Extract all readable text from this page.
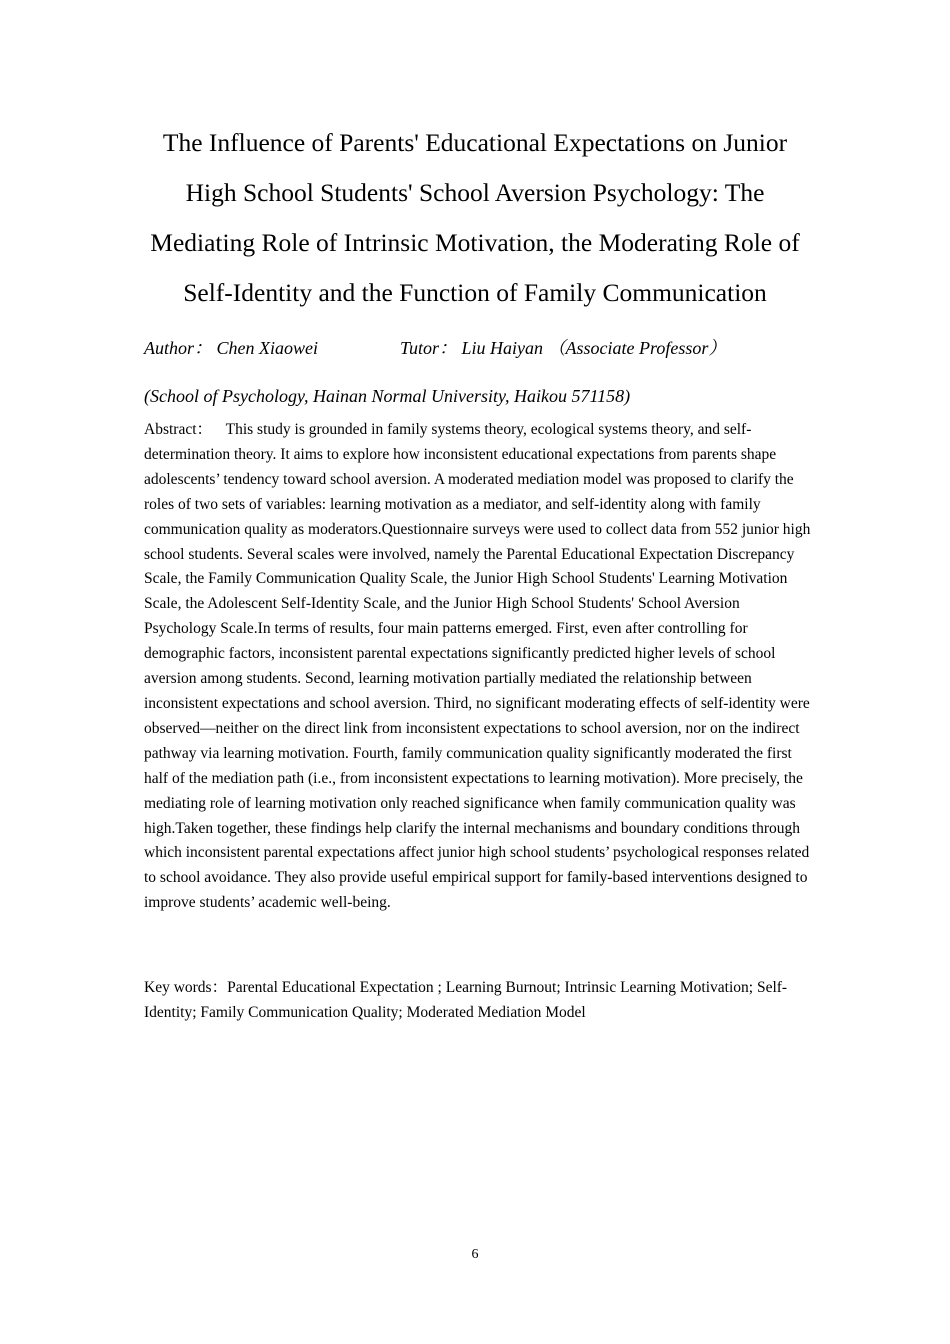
The Influence of Parents' Educational Expectations on Junior
High School Students' School Aversion Psychology: The
Mediating Role of Intrinsic Motivation, the Moderating Role of
Self-Identity and the Function of Family Communication
Author： Chen Xiaowei	Tutor： Liu Haiyan （Associate Professor）
(School of Psychology, Hainan Normal University, Haikou 571158)

Abstract： This study is grounded in family systems theory, ecological systems theory, and self-determination theory. It aims to explore how inconsistent educational expectations from parents shape adolescents’ tendency toward school aversion. A moderated mediation model was proposed to clarify the roles of two sets of variables: learning motivation as a mediator, and self-identity along with family communication quality as moderators.Questionnaire surveys were used to collect data from 552 junior high school students. Several scales were involved, namely the Parental Educational Expectation Discrepancy Scale, the Family Communication Quality Scale, the Junior High School Students' Learning Motivation Scale, the Adolescent Self-Identity Scale, and the Junior High School Students' School Aversion Psychology Scale.In terms of results, four main patterns emerged. First, even after controlling for demographic factors, inconsistent parental expectations significantly predicted higher levels of school aversion among students. Second, learning motivation partially mediated the relationship between inconsistent expectations and school aversion. Third, no significant moderating effects of self-identity were observed—neither on the direct link from inconsistent expectations to school aversion, nor on the indirect pathway via learning motivation. Fourth, family communication quality significantly moderated the first half of the mediation path (i.e., from inconsistent expectations to learning motivation). More precisely, the mediating role of learning motivation only reached significance when family communication quality was high.Taken together, these findings help clarify the internal mechanisms and boundary conditions through which inconsistent parental expectations affect junior high school students’ psychological responses related to school avoidance. They also provide useful empirical support for family-based interventions designed to improve students’ academic well-being.

Key words：Parental Educational Expectation ; Learning Burnout; Intrinsic Learning Motivation; Self-Identity; Family Communication Quality; Moderated Mediation Model

6
